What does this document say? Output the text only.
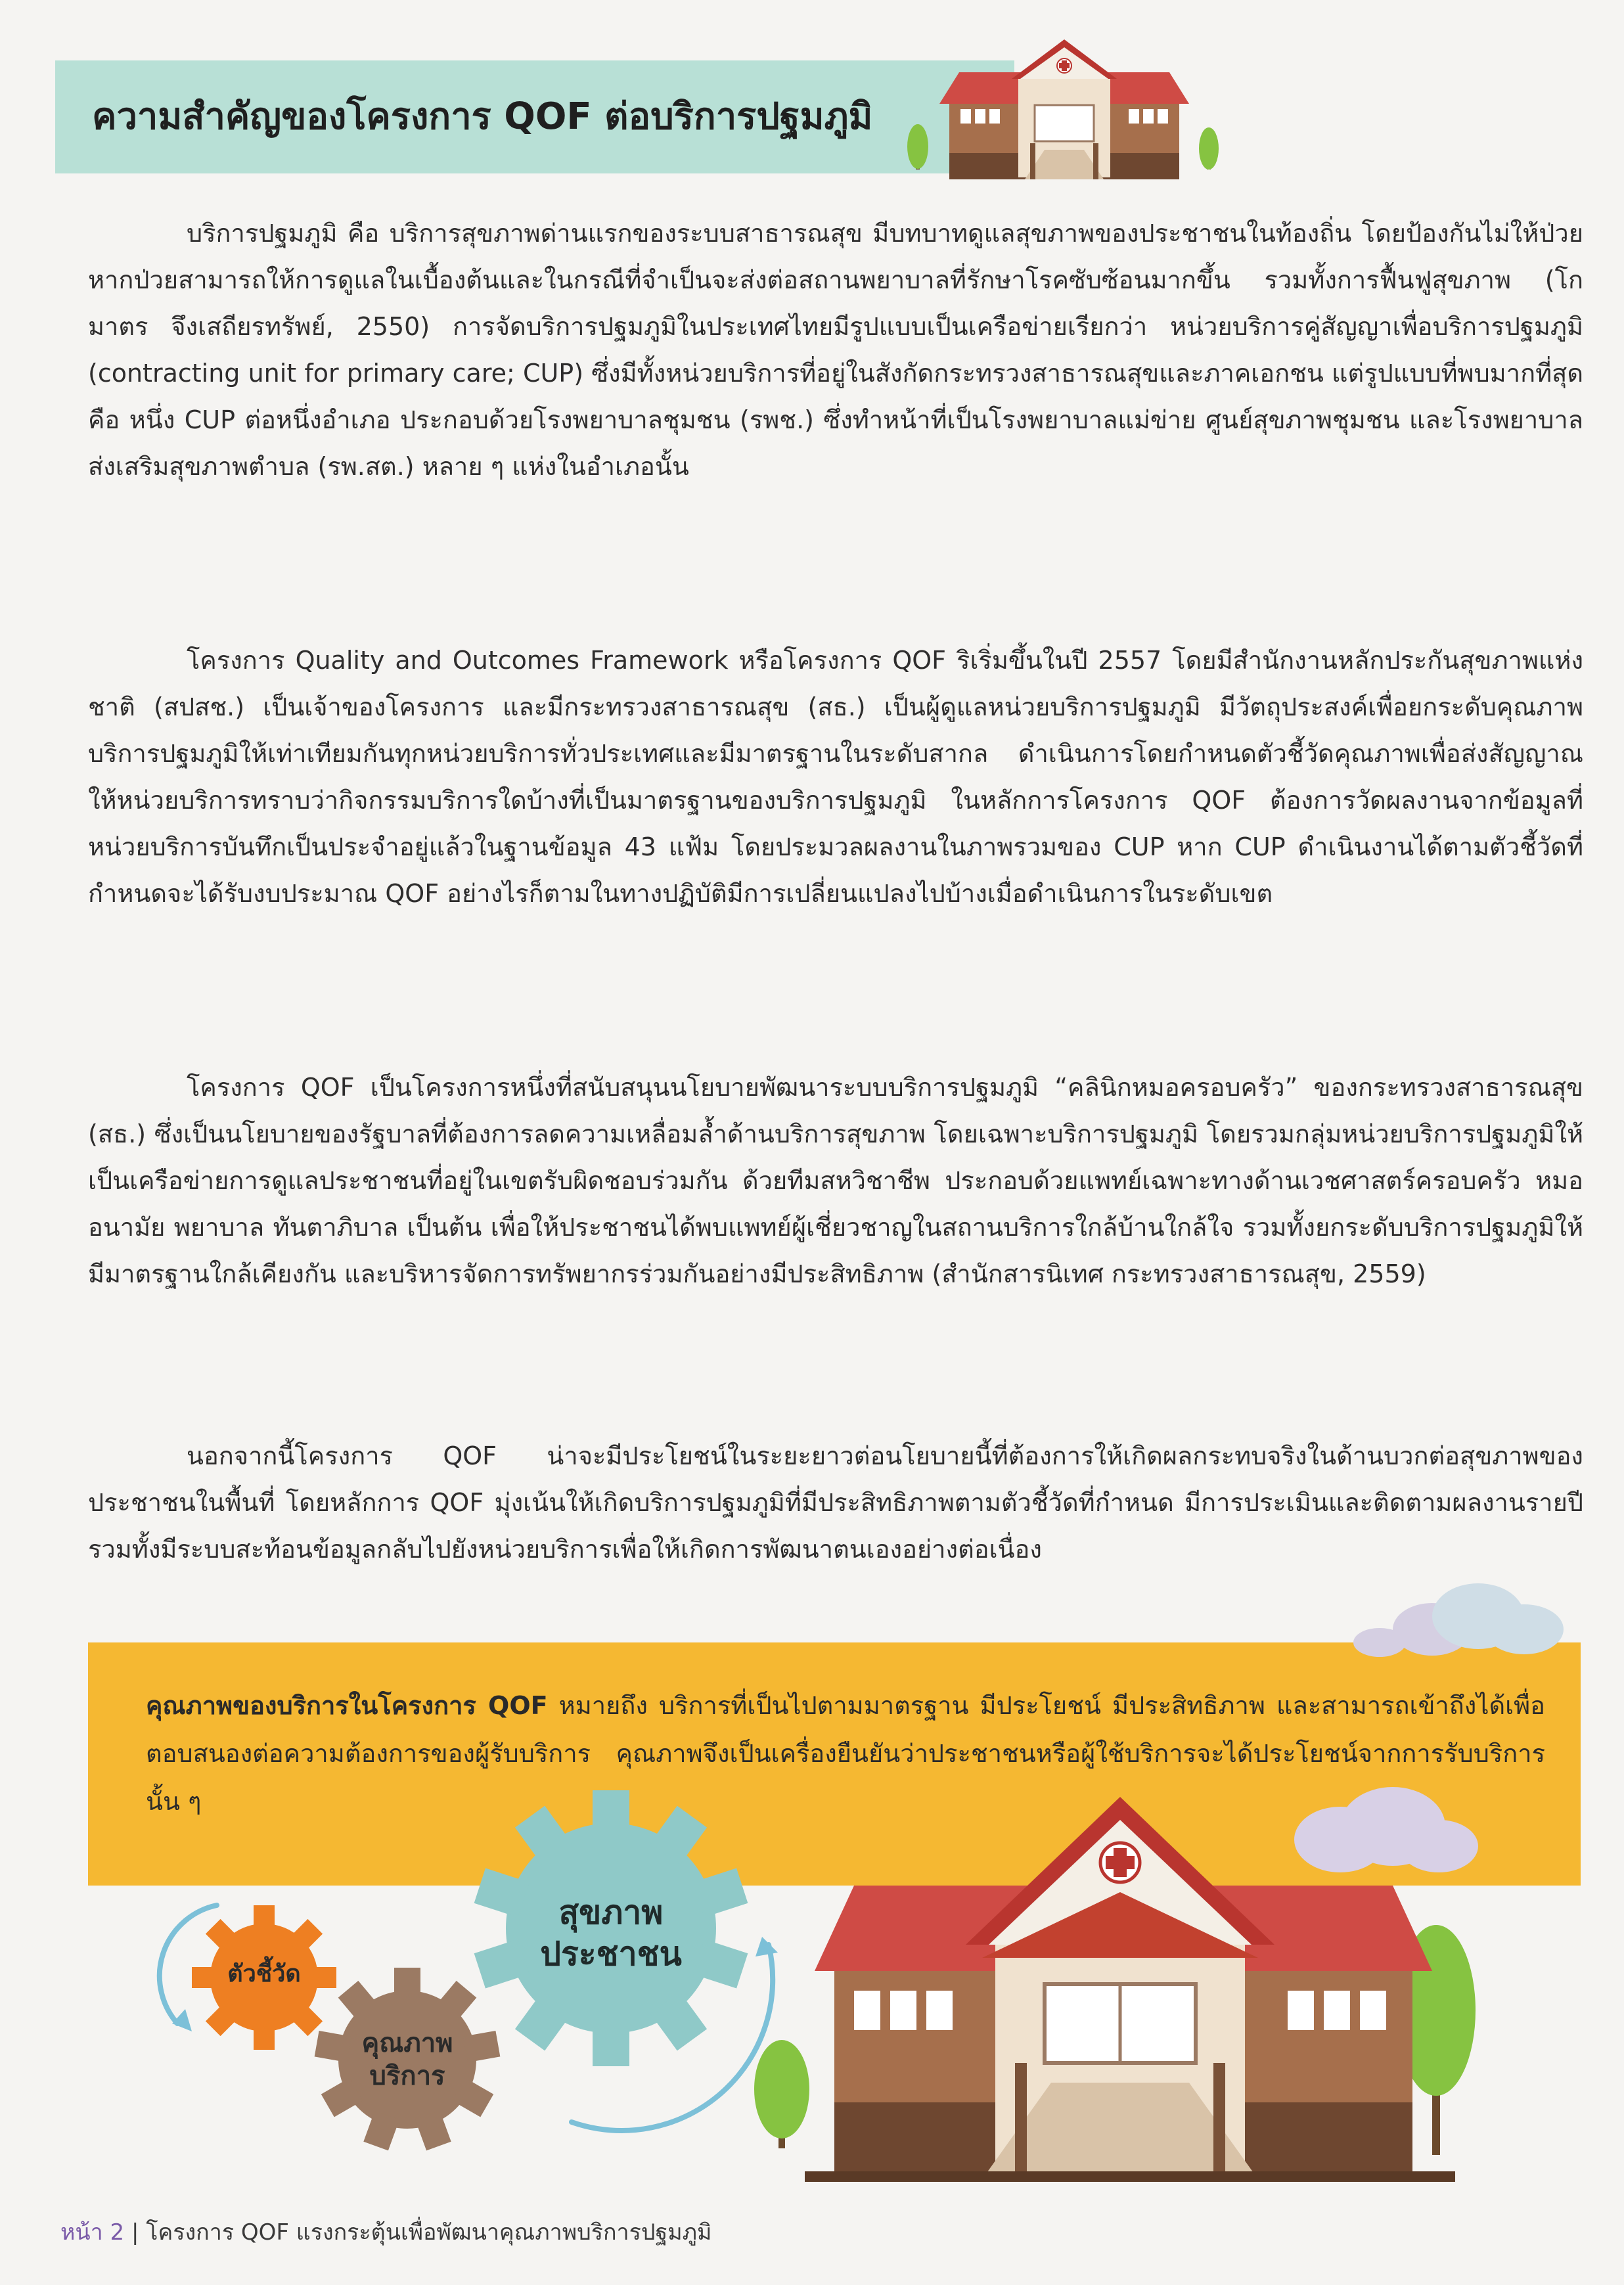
ความสำคัญของโครงการ QOF ต่อบริการปฐมภูมิ

บริการปฐมภูมิ คือ บริการสุขภาพด่านแรกของระบบสาธารณสุข มีบทบาทดูแลสุขภาพของประชาชนในท้องถิ่น โดยป้องกันไม่ให้ป่วย หากป่วยสามารถให้การดูแลในเบื้องต้นและในกรณีที่จำเป็นจะส่งต่อสถานพยาบาลที่รักษาโรคซับซ้อนมากขึ้น รวมทั้งการฟื้นฟูสุขภาพ (โกมาตร จึงเสถียรทรัพย์, 2550) การจัดบริการปฐมภูมิในประเทศไทยมีรูปแบบเป็นเครือข่ายเรียกว่า หน่วยบริการคู่สัญญาเพื่อบริการปฐมภูมิ (contracting unit for primary care; CUP) ซึ่งมีทั้งหน่วยบริการที่อยู่ในสังกัดกระทรวงสาธารณสุขและภาคเอกชน แต่รูปแบบที่พบมากที่สุด คือ หนึ่ง CUP ต่อหนึ่งอำเภอ ประกอบด้วยโรงพยาบาลชุมชน (รพช.) ซึ่งทำหน้าที่เป็นโรงพยาบาลแม่ข่าย ศูนย์สุขภาพชุมชน และโรงพยาบาลส่งเสริมสุขภาพตำบล (รพ.สต.) หลาย ๆ แห่งในอำเภอนั้น

โครงการ Quality and Outcomes Framework หรือโครงการ QOF ริเริ่มขึ้นในปี 2557 โดยมีสำนักงานหลักประกันสุขภาพแห่งชาติ (สปสช.) เป็นเจ้าของโครงการ และมีกระทรวงสาธารณสุข (สธ.) เป็นผู้ดูแลหน่วยบริการปฐมภูมิ มีวัตถุประสงค์เพื่อยกระดับคุณภาพบริการปฐมภูมิให้เท่าเทียมกันทุกหน่วยบริการทั่วประเทศและมีมาตรฐานในระดับสากล ดำเนินการโดยกำหนดตัวชี้วัดคุณภาพเพื่อส่งสัญญาณให้หน่วยบริการทราบว่ากิจกรรมบริการใดบ้างที่เป็นมาตรฐานของบริการปฐมภูมิ ในหลักการโครงการ QOF ต้องการวัดผลงานจากข้อมูลที่หน่วยบริการบันทึกเป็นประจำอยู่แล้วในฐานข้อมูล 43 แฟ้ม โดยประมวลผลงานในภาพรวมของ CUP หาก CUP ดำเนินงานได้ตามตัวชี้วัดที่กำหนดจะได้รับงบประมาณ QOF อย่างไรก็ตามในทางปฏิบัติมีการเปลี่ยนแปลงไปบ้างเมื่อดำเนินการในระดับเขต

โครงการ QOF เป็นโครงการหนึ่งที่สนับสนุนนโยบายพัฒนาระบบบริการปฐมภูมิ “คลินิกหมอครอบครัว” ของกระทรวงสาธารณสุข (สธ.) ซึ่งเป็นนโยบายของรัฐบาลที่ต้องการลดความเหลื่อมล้ำด้านบริการสุขภาพ โดยเฉพาะบริการปฐมภูมิ โดยรวมกลุ่มหน่วยบริการปฐมภูมิให้เป็นเครือข่ายการดูแลประชาชนที่อยู่ในเขตรับผิดชอบร่วมกัน ด้วยทีมสหวิชาชีพ ประกอบด้วยแพทย์เฉพาะทางด้านเวชศาสตร์ครอบครัว หมออนามัย พยาบาล ทันตาภิบาล เป็นต้น เพื่อให้ประชาชนได้พบแพทย์ผู้เชี่ยวชาญในสถานบริการใกล้บ้านใกล้ใจ รวมทั้งยกระดับบริการปฐมภูมิให้มีมาตรฐานใกล้เคียงกัน และบริหารจัดการทรัพยากรร่วมกันอย่างมีประสิทธิภาพ (สำนักสารนิเทศ กระทรวงสาธารณสุข, 2559)

นอกจากนี้โครงการ QOF น่าจะมีประโยชน์ในระยะยาวต่อนโยบายนี้ที่ต้องการให้เกิดผลกระทบจริงในด้านบวกต่อสุขภาพของประชาชนในพื้นที่ โดยหลักการ QOF มุ่งเน้นให้เกิดบริการปฐมภูมิที่มีประสิทธิภาพตามตัวชี้วัดที่กำหนด มีการประเมินและติดตามผลงานรายปี รวมทั้งมีระบบสะท้อนข้อมูลกลับไปยังหน่วยบริการเพื่อให้เกิดการพัฒนาตนเองอย่างต่อเนื่อง

คุณภาพของบริการในโครงการ QOF หมายถึง บริการที่เป็นไปตามมาตรฐาน มีประโยชน์ มีประสิทธิภาพ และสามารถเข้าถึงได้เพื่อตอบสนองต่อความต้องการของผู้รับบริการ คุณภาพจึงเป็นเครื่องยืนยันว่าประชาชนหรือผู้ใช้บริการจะได้ประโยชน์จากการรับบริการนั้น ๆ

ตัวชี้วัด
คุณภาพ
บริการ
สุขภาพ
ประชาชน
หน้า 2 | โครงการ QOF แรงกระตุ้นเพื่อพัฒนาคุณภาพบริการปฐมภูมิ
